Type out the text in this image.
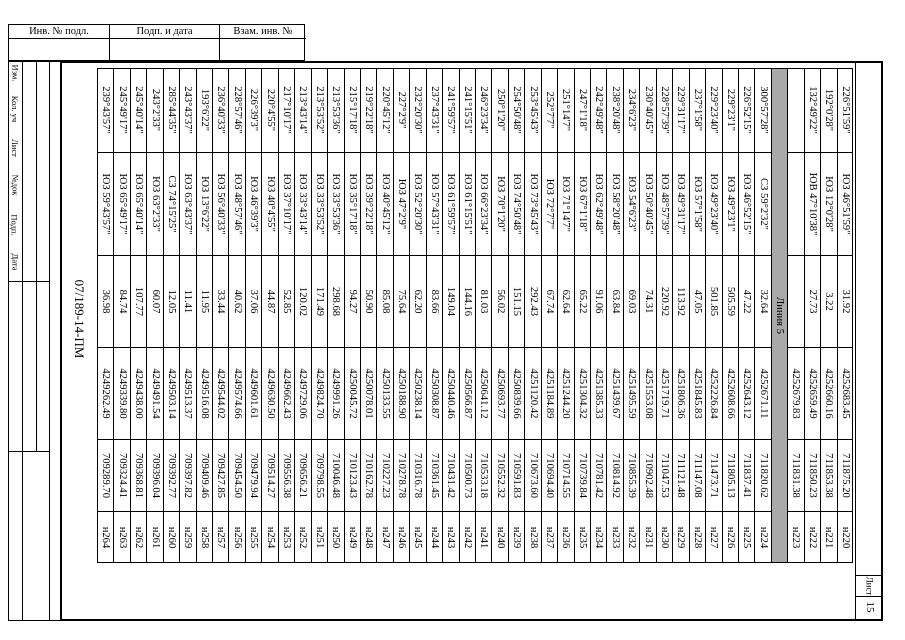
Инв. № подл.	Подп. и дата	Взам. инв. №
Изм.
Кол. уч
Лист
№док
Подп.
Дата
07/189-14-ПМ
Лист
15
н220
711875.20
4252683.45
31.92
ЮЗ 46°51'59"
226°51'59"
н221
711853.38
4252660.16
3.22
ЮЗ 12°0'28"
192°0'28"
н222
711850.23
4252659.49
27.73
ЮВ 47°10'38"
132°49'22"
н223
711831.38
4252679.83
Линия 5
н224
711820.62
4252671.11
32.64
СЗ 59°2'32"
300°57'28"
н225
711837.41
4252643.12
47.22
ЮЗ 46°52'15"
226°52'15"
н226
711805.13
4252608.66
505.59
ЮЗ 49°23'1"
229°23'1"
н227
711473.71
4252226.84
501.85
ЮЗ 49°23'40"
229°23'40"
н228
711147.08
4251845.83
47.05
ЮЗ 57°1'58"
237°1'58"
н229
711121.48
4251806.36
113.92
ЮЗ 49°31'17"
229°31'17"
н230
711047.53
4251719.71
220.92
ЮЗ 48°57'39"
228°57'39"
н231
710902.48
4251553.08
74.31
ЮЗ 50°40'45"
230°40'45"
н232
710855.39
4251495.59
69.03
ЮЗ 54°6'23"
234°6'23"
н233
710814.92
4251439.67
63.84
ЮЗ 58°20'48"
238°20'48"
н234
710781.42
4251385.33
91.06
ЮЗ 62°49'48"
242°49'48"
н235
710739.84
4251304.32
65.22
ЮЗ 67°1'18"
247°1'18"
н236
710714.55
4251244.20
62.64
ЮЗ 71°14'7"
251°14'7"
н237
710694.40
4251184.89
67.74
ЮЗ 72°7'7"
252°7'7"
н238
710673.60
4251120.42
292.43
ЮЗ 73°45'43"
253°45'43"
н239
710591.83
4250839.66
151.15
ЮЗ 74°50'48"
254°50'48"
н240
710552.32
4250693.77
56.02
ЮЗ 70°1'20"
250°1'20"
н241
710533.18
4250641.12
81.03
ЮЗ 66°23'34"
246°23'34"
н242
710500.73
4250566.87
144.16
ЮЗ 61°15'51"
241°15'51"
н243
710431.42
4250440.46
149.04
ЮЗ 61°59'57"
241°59'57"
н244
710361.45
4250308.87
83.66
ЮЗ 57°43'31"
237°43'31"
н245
710316.78
4250238.14
62.20
ЮЗ 52°20'30"
232°20'30"
н246
710278.78
4250188.90
75.64
ЮЗ 47°2'9"
227°2'9"
н247
710227.23
4250133.55
85.08
ЮЗ 40°45'12"
220°45'12"
н248
710162.78
4250078.01
50.90
ЮЗ 39°22'18"
219°22'18"
н249
710123.43
4250045.72
94.27
ЮЗ 35°17'18"
215°17'18"
н250
710046.48
4249991.26
298.68
ЮЗ 33°53'36"
213°53'36"
н251
709798.55
4249824.70
171.49
ЮЗ 33°53'52"
213°53'52"
н252
709656.21
4249729.06
120.02
ЮЗ 33°43'14"
213°43'14"
н253
709556.38
4249662.43
52.85
ЮЗ 37°10'17"
217°10'17"
н254
709514.27
4249630.50
44.87
ЮЗ 40°4'55"
220°4'55"
н255
709479.94
4249601.61
37.06
ЮЗ 46°39'3"
226°39'3"
н256
709454.50
4249574.66
40.62
ЮЗ 48°57'46"
228°57'46"
н257
709427.85
4249544.02
33.44
ЮЗ 56°40'33"
236°40'33"
н258
709409.46
4249516.08
11.95
ЮЗ 13°6'22"
193°6'22"
н259
709397.82
4249513.37
11.41
ЮЗ 63°43'37"
243°43'37"
н260
709392.77
4249503.14
12.05
СЗ 74°15'25"
285°44'35"
н261
709396.04
4249491.54
60.07
ЮЗ 63°2'33"
243°2'33"
н262
709368.81
4249438.00
107.77
ЮЗ 65°40'14"
245°40'14"
н263
709324.41
4249339.80
84.74
ЮЗ 65°49'17"
245°49'17"
н264
709289.70
4249262.49
36.98
ЮЗ 59°43'57"
239°43'57"
